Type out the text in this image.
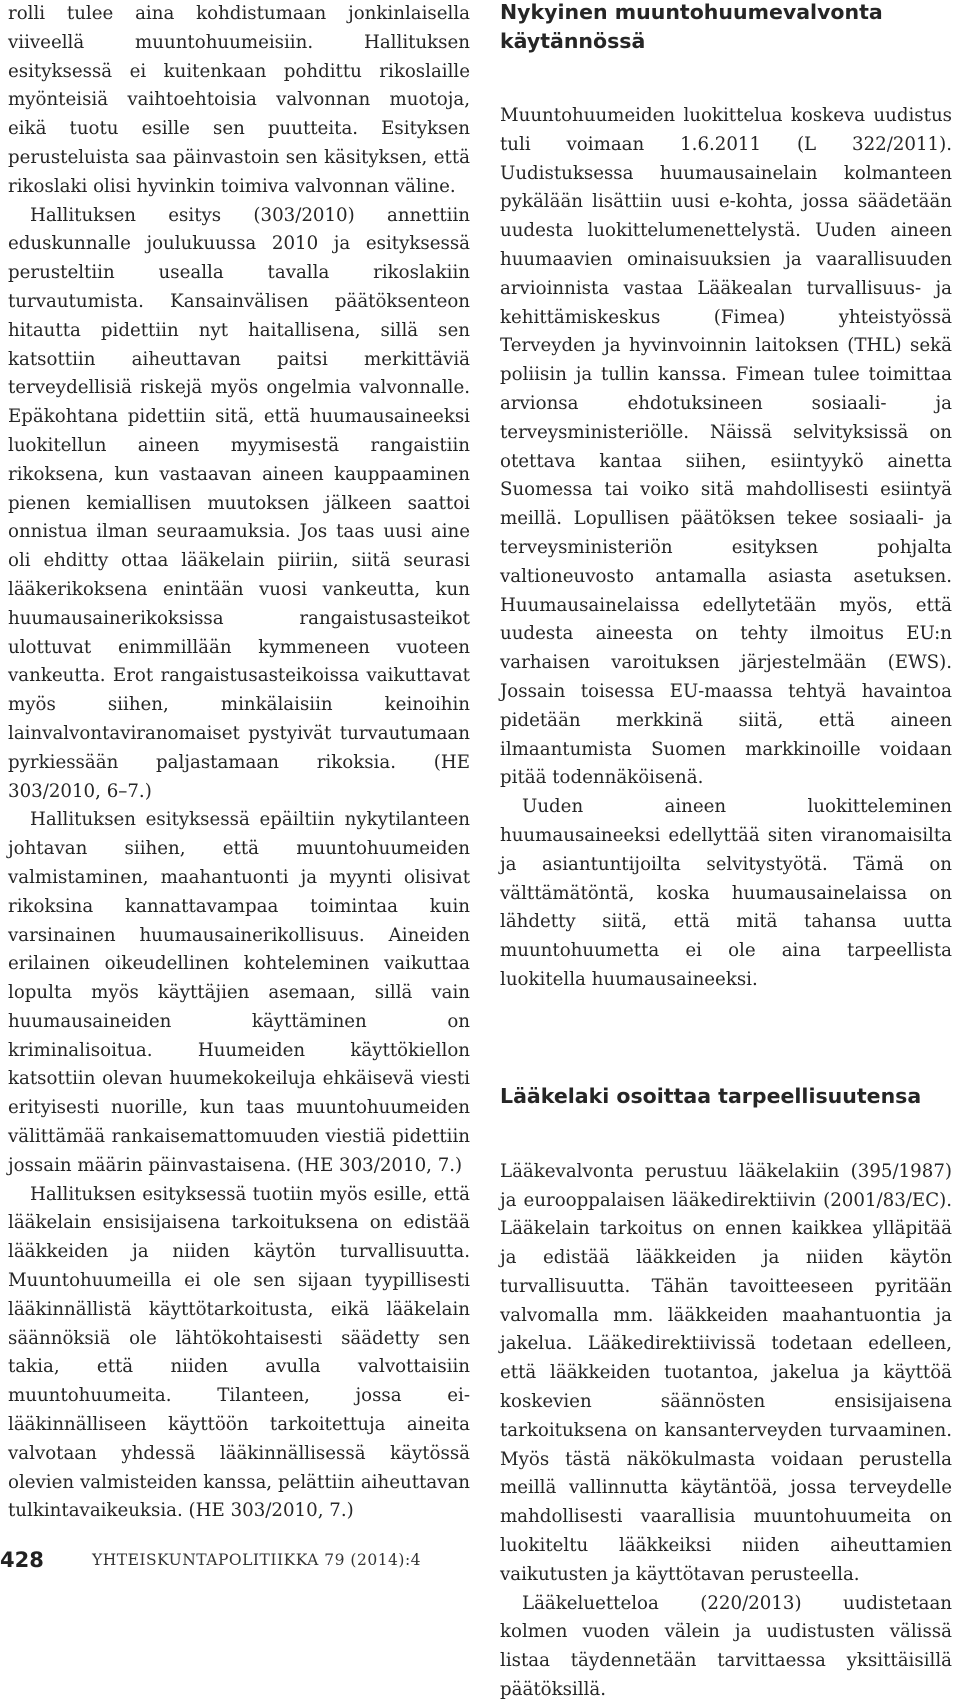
rolli tulee aina kohdistumaan jonkinlaisella viiveellä muuntohuumeisiin. Hallituksen esityksessä ei kuitenkaan pohdittu rikoslaille myönteisiä vaihtoehtoisia valvonnan muotoja, eikä tuotu esille sen puutteita. Esityksen perusteluista saa päinvastoin sen käsityksen, että rikoslaki olisi hyvinkin toimiva valvonnan väline.

Hallituksen esitys (303/2010) annettiin eduskunnalle joulukuussa 2010 ja esityksessä perusteltiin usealla tavalla rikoslakiin turvautumista. Kansainvälisen päätöksenteon hitautta pidettiin nyt haitallisena, sillä sen katsottiin aiheuttavan paitsi merkittäviä terveydellisiä riskejä myös ongelmia valvonnalle. Epäkohtana pidettiin sitä, että huumausaineeksi luokitellun aineen myymisestä rangaistiin rikoksena, kun vastaavan aineen kauppaaminen pienen kemiallisen muutoksen jälkeen saattoi onnistua ilman seuraamuksia. Jos taas uusi aine oli ehditty ottaa lääkelain piiriin, siitä seurasi lääkerikoksena enintään vuosi vankeutta, kun huumausainerikoksissa rangaistusasteikot ulottuvat enimmillään kymmeneen vuoteen vankeutta. Erot rangaistusasteikoissa vaikuttavat myös siihen, minkälaisiin keinoihin lainvalvontaviranomaiset pystyivät turvautumaan pyrkiessään paljastamaan rikoksia. (HE 303/2010, 6–7.)

Hallituksen esityksessä epäiltiin nykytilanteen johtavan siihen, että muuntohuumeiden valmistaminen, maahantuonti ja myynti olisivat rikoksina kannattavampaa toimintaa kuin varsinainen huumausainerikollisuus. Aineiden erilainen oikeudellinen kohteleminen vaikuttaa lopulta myös käyttäjien asemaan, sillä vain huumausaineiden käyttäminen on kriminalisoitua. Huumeiden käyttökiellon katsottiin olevan huumekokeiluja ehkäisevä viesti erityisesti nuorille, kun taas muuntohuumeiden välittämää rankaisemattomuuden viestiä pidettiin jossain määrin päinvastaisena. (HE 303/2010, 7.)

Hallituksen esityksessä tuotiin myös esille, että lääkelain ensisijaisena tarkoituksena on edistää lääkkeiden ja niiden käytön turvallisuutta. Muuntohuumeilla ei ole sen sijaan tyypillisesti lääkinnällistä käyttötarkoitusta, eikä lääkelain säännöksiä ole lähtökohtaisesti säädetty sen takia, että niiden avulla valvottaisiin muuntohuumeita. Tilanteen, jossa ei-lääkinnälliseen käyttöön tarkoitettuja aineita valvotaan yhdessä lääkinnällisessä käytössä olevien valmisteiden kanssa, pelättiin aiheuttavan tulkintavaikeuksia. (HE 303/2010, 7.)

Nykyinen muuntohuumevalvonta käytännössä

Muuntohuumeiden luokittelua koskeva uudistus tuli voimaan 1.6.2011 (L 322/2011). Uudistuksessa huumausainelain kolmanteen pykälään lisättiin uusi e-kohta, jossa säädetään uudesta luokittelumenettelystä. Uuden aineen huumaavien ominaisuuksien ja vaarallisuuden arvioinnista vastaa Lääkealan turvallisuus- ja kehittämiskeskus (Fimea) yhteistyössä Terveyden ja hyvinvoinnin laitoksen (THL) sekä poliisin ja tullin kanssa. Fimean tulee toimittaa arvionsa ehdotuksineen sosiaali- ja terveysministeriölle. Näissä selvityksissä on otettava kantaa siihen, esiintyykö ainetta Suomessa tai voiko sitä mahdollisesti esiintyä meillä. Lopullisen päätöksen tekee sosiaali- ja terveysministeriön esityksen pohjalta valtioneuvosto antamalla asiasta asetuksen. Huumausainelaissa edellytetään myös, että uudesta aineesta on tehty ilmoitus EU:n varhaisen varoituksen järjestelmään (EWS). Jossain toisessa EU-maassa tehtyä havaintoa pidetään merkkinä siitä, että aineen ilmaantumista Suomen markkinoille voidaan pitää todennäköisenä.

Uuden aineen luokitteleminen huumausaineeksi edellyttää siten viranomaisilta ja asiantuntijoilta selvitystyötä. Tämä on välttämätöntä, koska huumausainelaissa on lähdetty siitä, että mitä tahansa uutta muuntohuumetta ei ole aina tarpeellista luokitella huumausaineeksi.

Lääkelaki osoittaa tarpeellisuutensa

Lääkevalvonta perustuu lääkelakiin (395/1987) ja eurooppalaisen lääkedirektiivin (2001/83/EC). Lääkelain tarkoitus on ennen kaikkea ylläpitää ja edistää lääkkeiden ja niiden käytön turvallisuutta. Tähän tavoitteeseen pyritään valvomalla mm. lääkkeiden maahantuontia ja jakelua. Lääkedirektiivissä todetaan edelleen, että lääkkeiden tuotantoa, jakelua ja käyttöä koskevien säännösten ensisijaisena tarkoituksena on kansanterveyden turvaaminen. Myös tästä näkökulmasta voidaan perustella meillä vallinnutta käytäntöä, jossa terveydelle mahdollisesti vaarallisia muuntohuumeita on luokiteltu lääkkeiksi niiden aiheuttamien vaikutusten ja käyttötavan perusteella.

Lääkeluetteloa (220/2013) uudistetaan kolmen vuoden välein ja uudistusten välissä listaa täydennetään tarvittaessa yksittäisillä päätöksillä.

428	YHTEISKUNTAPOLITIIKKA 79 (2014):4
